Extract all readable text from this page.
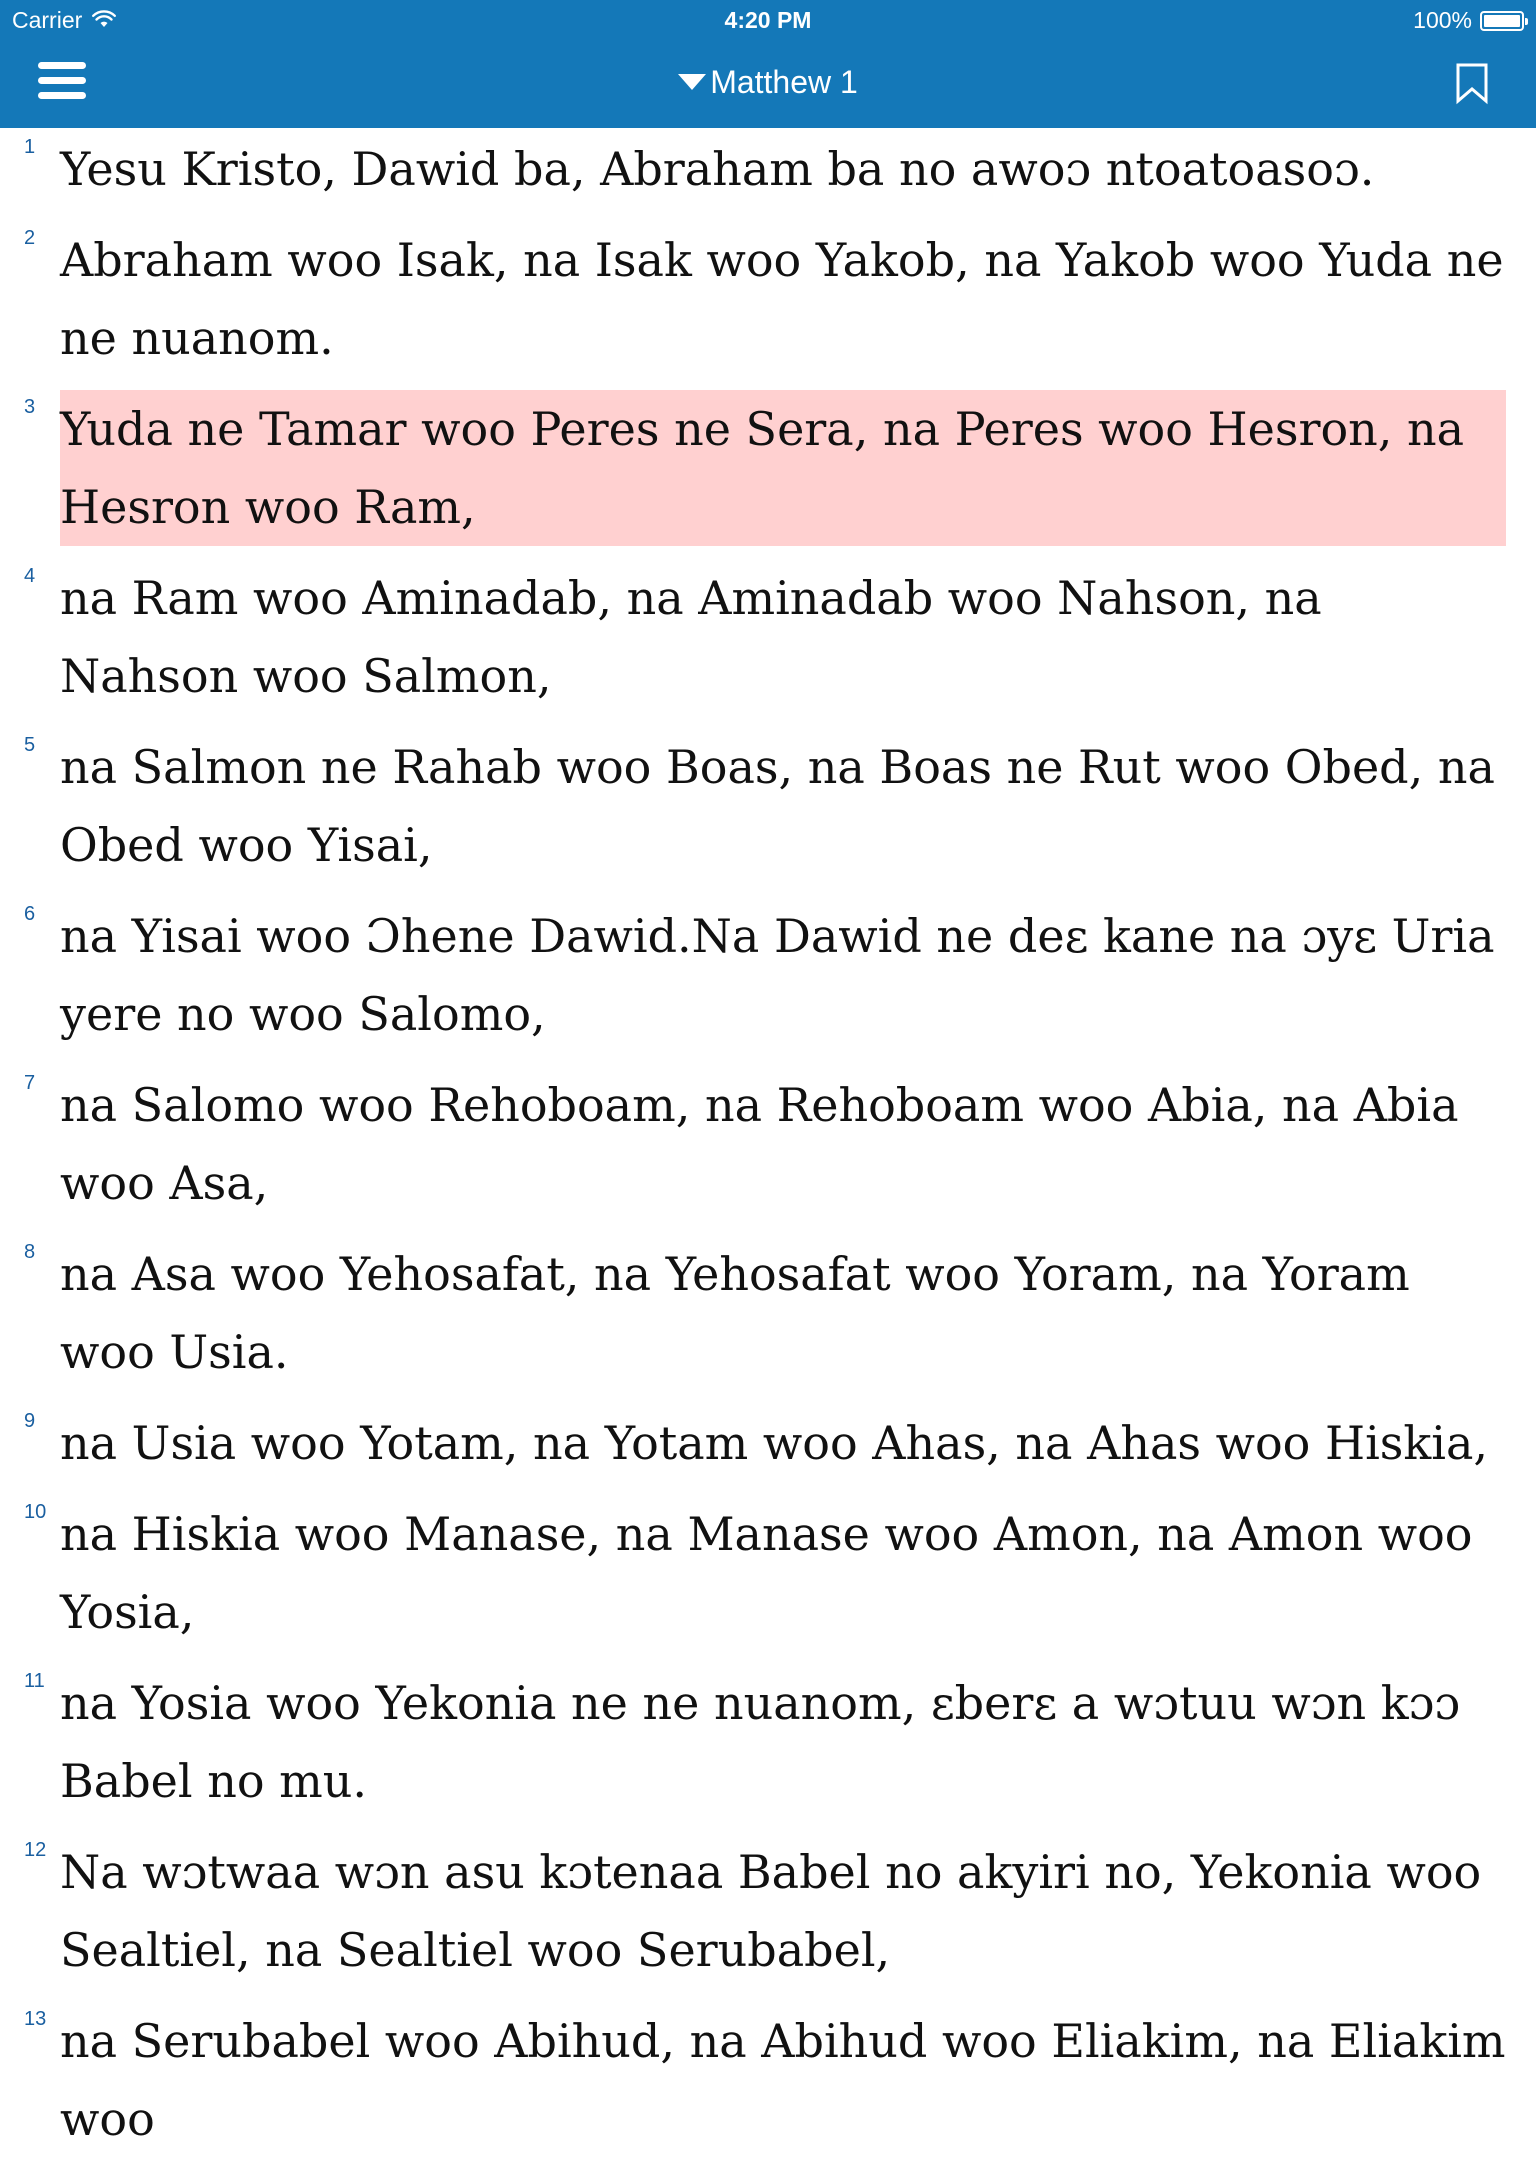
Carrier	4:20 PM	100%
Matthew 1
1 Yesu Kristo, Dawid ba, Abraham ba no awoɔ ntoatoasoɔ.
2 Abraham woo Isak, na Isak woo Yakob, na Yakob woo Yuda ne ne nuanom.
3 Yuda ne Tamar woo Peres ne Sera, na Peres woo Hesron, na Hesron woo Ram,
4 na Ram woo Aminadab, na Aminadab woo Nahson, na Nahson woo Salmon,
5 na Salmon ne Rahab woo Boas, na Boas ne Rut woo Obed, na Obed woo Yisai,
6 na Yisai woo Ɔhene Dawid.Na Dawid ne deɛ kane na ɔyɛ Uria yere no woo Salomo,
7 na Salomo woo Rehoboam, na Rehoboam woo Abia, na Abia woo Asa,
8 na Asa woo Yehosafat, na Yehosafat woo Yoram, na Yoram woo Usia.
9 na Usia woo Yotam, na Yotam woo Ahas, na Ahas woo Hiskia,
10 na Hiskia woo Manase, na Manase woo Amon, na Amon woo Yosia,
11 na Yosia woo Yekonia ne ne nuanom, ɛberɛ a wɔtuu wɔn kɔɔ Babel no mu.
12 Na wɔtwaa wɔn asu kɔtenaa Babel no akyiri no, Yekonia woo Sealtiel, na Sealtiel woo Serubabel,
13 na Serubabel woo Abihud, na Abihud woo Eliakim, na Eliakim woo
